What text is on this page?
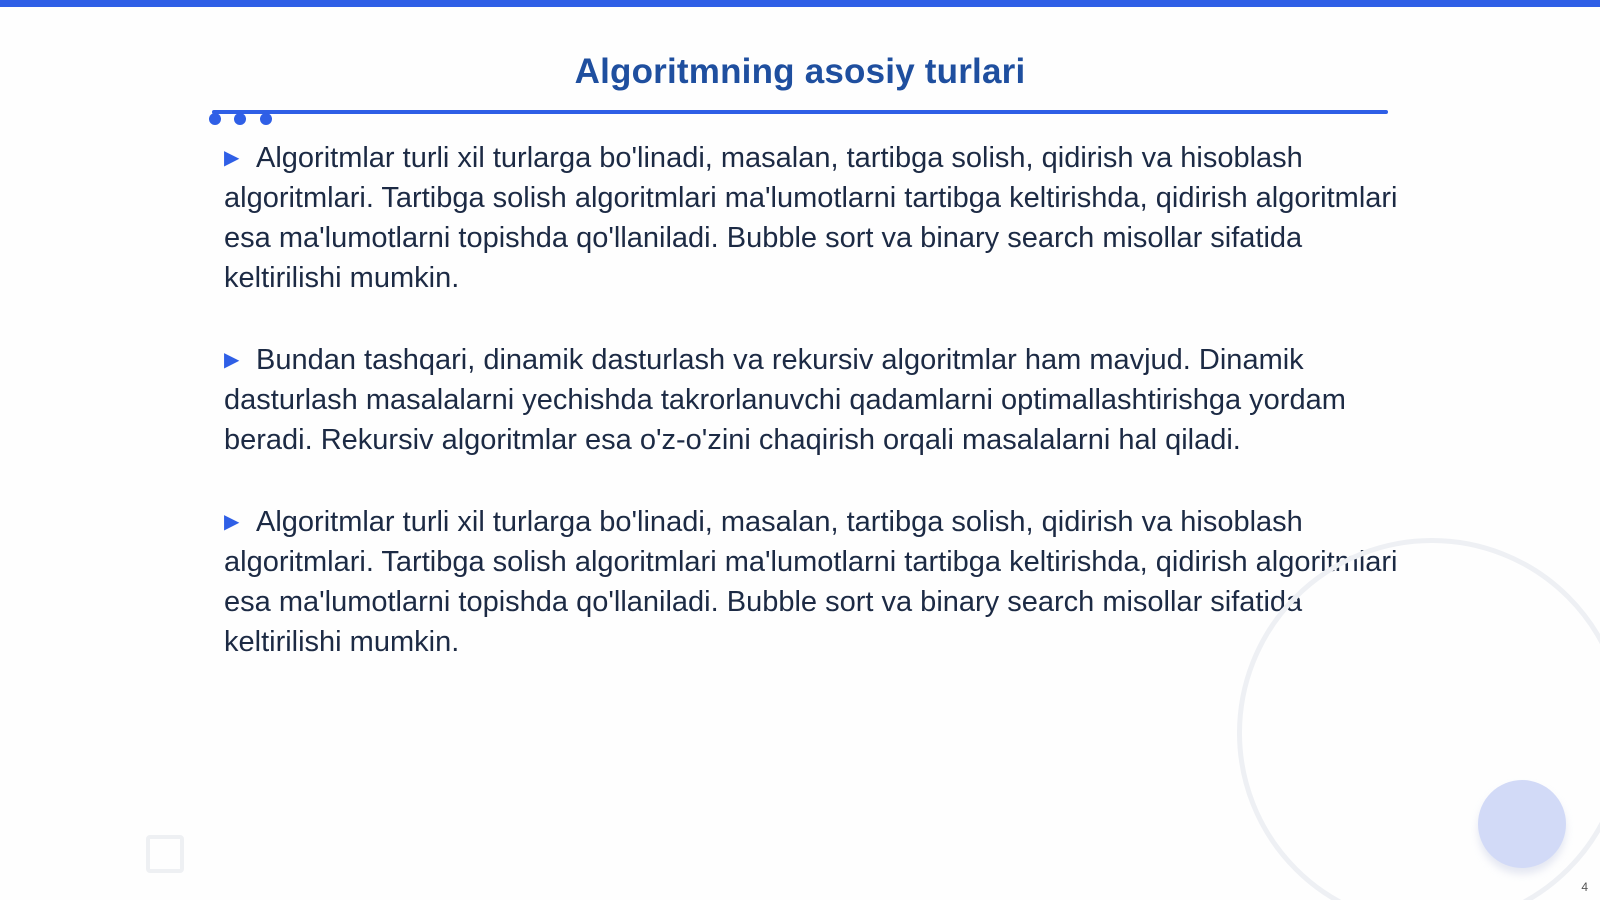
Algoritmning asosiy turlari

▶ Algoritmlar turli xil turlarga bo'linadi, masalan, tartibga solish, qidirish va hisoblash algoritmlari. Tartibga solish algoritmlari ma'lumotlarni tartibga keltirishda, qidirish algoritmlari esa ma'lumotlarni topishda qo'llaniladi. Bubble sort va binary search misollar sifatida keltirilishi mumkin.

▶ Bundan tashqari, dinamik dasturlash va rekursiv algoritmlar ham mavjud. Dinamik dasturlash masalalarni yechishda takrorlanuvchi qadamlarni optimallashtirishga yordam beradi. Rekursiv algoritmlar esa o'z-o'zini chaqirish orqali masalalarni hal qiladi.

▶ Algoritmlar turli xil turlarga bo'linadi, masalan, tartibga solish, qidirish va hisoblash algoritmlari. Tartibga solish algoritmlari ma'lumotlarni tartibga keltirishda, qidirish algoritmlari esa ma'lumotlarni topishda qo'llaniladi. Bubble sort va binary search misollar sifatida keltirilishi mumkin.

4
